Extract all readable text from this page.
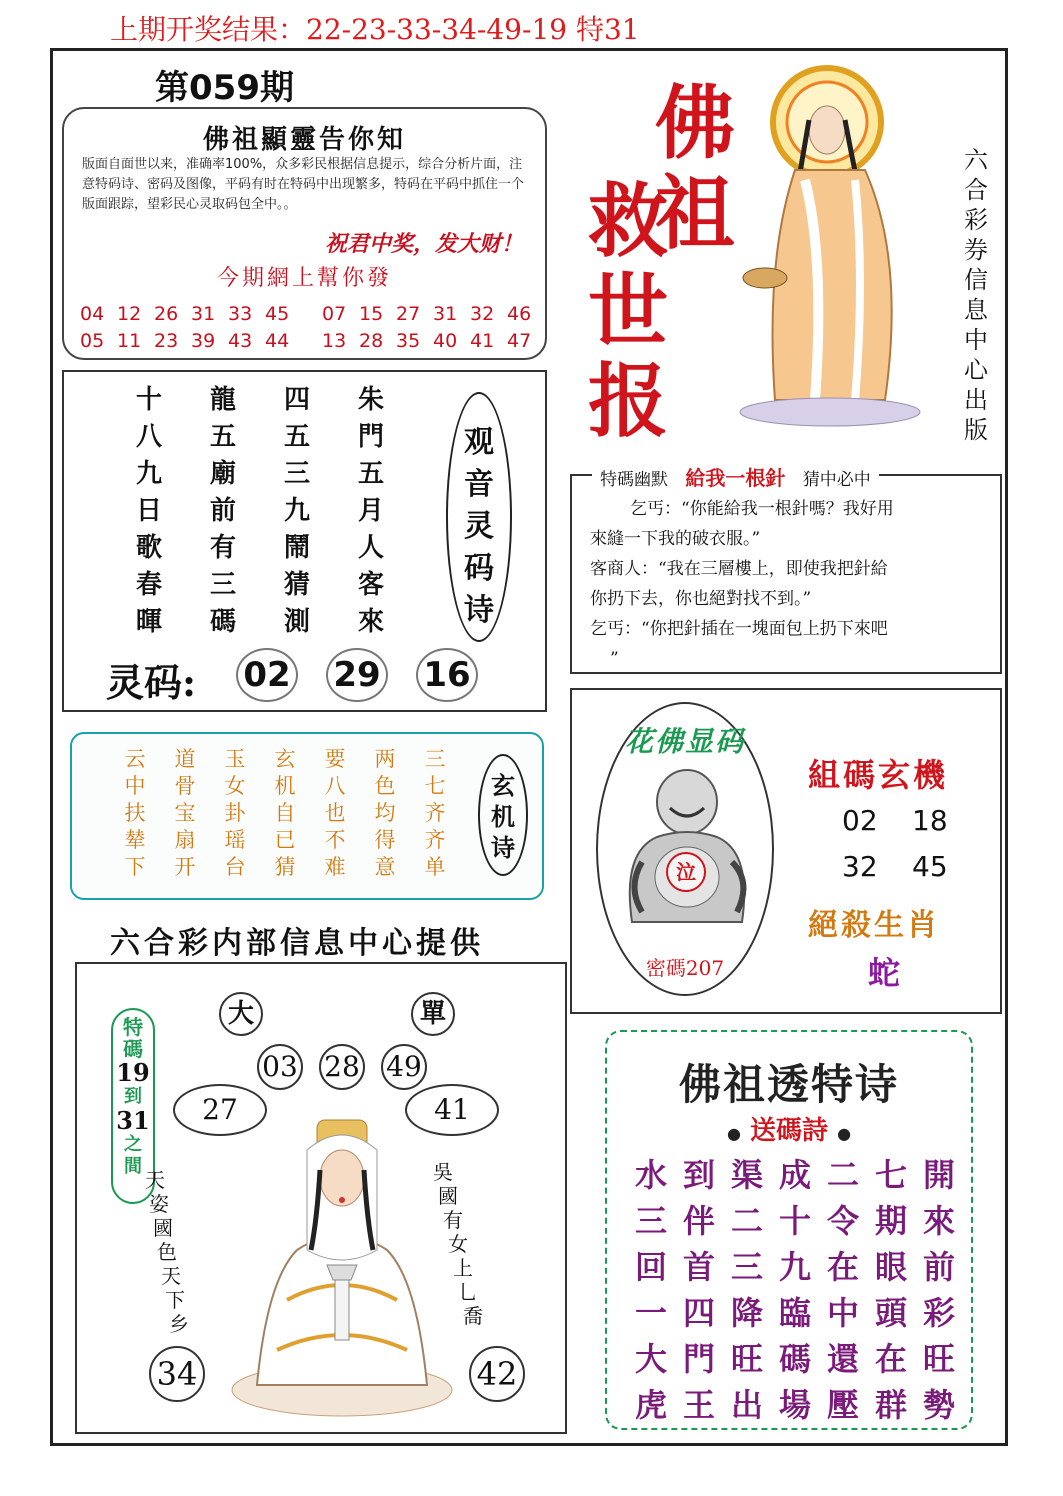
上期开奖结果：22-23-33-34-49-19 特31
第059期
佛祖顯靈告你知
版面自面世以来，准确率100%，众多彩民根据信息提示，综合分析片面，注意特码诗、密码及图像，平码有时在特码中出现繁多，特码在平码中抓住一个版面跟踪，望彩民心灵取码包全中。。
祝君中奖，发大财！
今期網上幫你發
04 12 26 31 33 45
05 11 23 39 43 44
07 15 27 31 32 46
13 28 35 40 41 47
十	龍	四	朱
八	五	五	門
九	廟	三	五
日	前	九	月
歌	有	鬧	人
春	三	猜	客
暉	碼	測	來
观
音
灵
码
诗
灵码: 02 29 16
云	道	玉	玄	要	两	三
中	骨	女	机	八	色	七
扶	宝	卦	自	也	均	齐
辇	扇	瑶	已	不	得	齐
下	开	台	猜	难	意	单
玄
机
诗
六合彩内部信息中心提供
大	單
03 28 49
27	41
34	42
特碼
19
到
31
之間
天
姿
國
色
天
下
乡
吳
國
有
女
上
乚
喬
佛
祖
救
世
报
六
合
彩
券
信
息
中
心
出
版
特碼幽默 給我一根針 猜中必中
乞丐：“你能給我一根針嗎？我好用
來縫一下我的破衣服。”
客商人：“我在三層樓上，即使我把針給
你扔下去，你也絕對找不到。”
乞丐：“你把針插在一塊面包上扔下來吧
”
花佛显码
泣
密碼207
組碼玄機
02	18
32	45
絕殺生肖
蛇
佛祖透特诗
● 送碼詩 ●
水 到 渠 成 二 七 開
三 伴 二 十 令 期 來
回 首 三 九 在 眼 前
一 四 降 臨 中 頭 彩
大 門 旺 碼 還 在 旺
虎 王 出 場 壓 群 勢
